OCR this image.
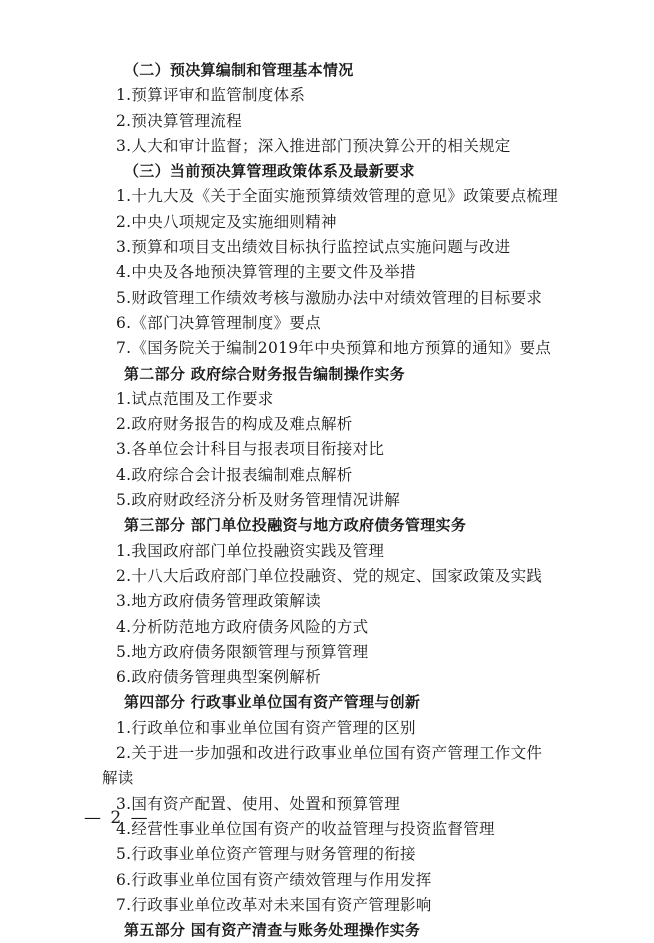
（二）预决算编制和管理基本情况
1.预算评审和监管制度体系
2.预决算管理流程
3.人大和审计监督；深入推进部门预决算公开的相关规定
（三）当前预决算管理政策体系及最新要求
1.十九大及《关于全面实施预算绩效管理的意见》政策要点梳理
2.中央八项规定及实施细则精神
3.预算和项目支出绩效目标执行监控试点实施问题与改进
4.中央及各地预决算管理的主要文件及举措
5.财政管理工作绩效考核与激励办法中对绩效管理的目标要求
6.《部门决算管理制度》要点
7.《国务院关于编制2019年中央预算和地方预算的通知》要点
第二部分 政府综合财务报告编制操作实务
1.试点范围及工作要求
2.政府财务报告的构成及难点解析
3.各单位会计科目与报表项目衔接对比
4.政府综合会计报表编制难点解析
5.政府财政经济分析及财务管理情况讲解
第三部分 部门单位投融资与地方政府债务管理实务
1.我国政府部门单位投融资实践及管理
2.十八大后政府部门单位投融资、党的规定、国家政策及实践
3.地方政府债务管理政策解读
4.分析防范地方政府债务风险的方式
5.地方政府债务限额管理与预算管理
6.政府债务管理典型案例解析
第四部分 行政事业单位国有资产管理与创新
1.行政单位和事业单位国有资产管理的区别
2.关于进一步加强和改进行政事业单位国有资产管理工作文件
解读
3.国有资产配置、使用、处置和预算管理
4.经营性事业单位国有资产的收益管理与投资监督管理
5.行政事业单位资产管理与财务管理的衔接
6.行政事业单位国有资产绩效管理与作用发挥
7.行政事业单位改革对未来国有资产管理影响
第五部分 国有资产清查与账务处理操作实务
— 2 —
